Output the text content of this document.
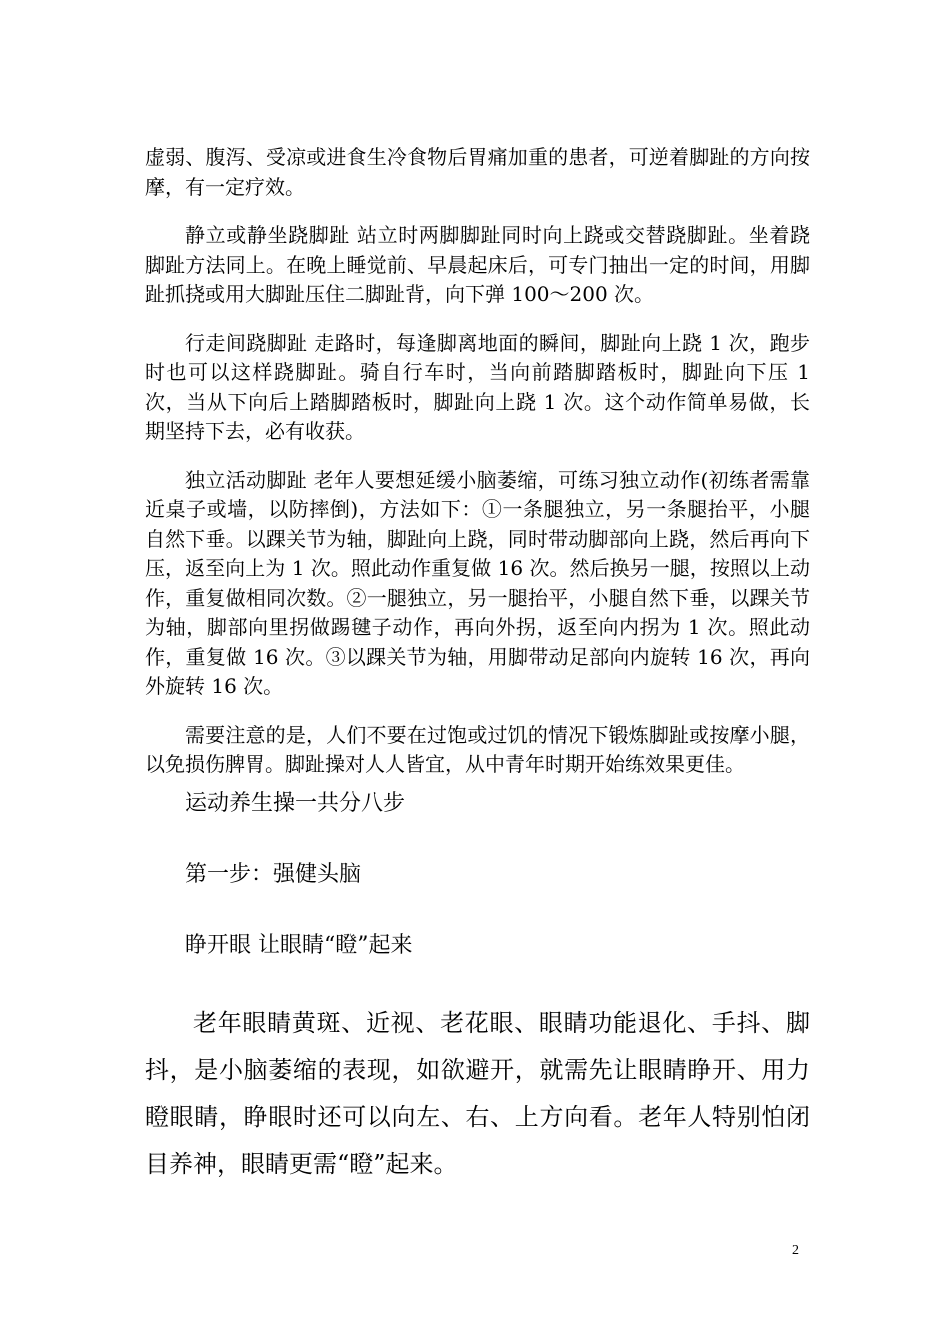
虚弱、腹泻、受凉或进食生冷食物后胃痛加重的患者，可逆着脚趾的方向按摩，有一定疗效。

静立或静坐跷脚趾 站立时两脚脚趾同时向上跷或交替跷脚趾。坐着跷脚趾方法同上。在晚上睡觉前、早晨起床后，可专门抽出一定的时间，用脚趾抓挠或用大脚趾压住二脚趾背，向下弹 100～200 次。

行走间跷脚趾 走路时，每逢脚离地面的瞬间，脚趾向上跷 1 次，跑步时也可以这样跷脚趾。骑自行车时，当向前踏脚踏板时，脚趾向下压 1 次，当从下向后上踏脚踏板时，脚趾向上跷 1 次。这个动作简单易做，长期坚持下去，必有收获。

独立活动脚趾 老年人要想延缓小脑萎缩，可练习独立动作(初练者需靠近桌子或墙，以防摔倒)，方法如下：①一条腿独立，另一条腿抬平，小腿自然下垂。以踝关节为轴，脚趾向上跷，同时带动脚部向上跷，然后再向下压，返至向上为 1 次。照此动作重复做 16 次。然后换另一腿，按照以上动作，重复做相同次数。②一腿独立，另一腿抬平，小腿自然下垂，以踝关节为轴，脚部向里拐做踢毽子动作，再向外拐，返至向内拐为 1 次。照此动作，重复做 16 次。③以踝关节为轴，用脚带动足部向内旋转 16 次，再向外旋转 16 次。

需要注意的是，人们不要在过饱或过饥的情况下锻炼脚趾或按摩小腿，以免损伤脾胃。脚趾操对人人皆宜，从中青年时期开始练效果更佳。

运动养生操一共分八步

第一步：强健头脑

睁开眼 让眼睛“瞪”起来

老年眼睛黄斑、近视、老花眼、眼睛功能退化、手抖、脚抖，是小脑萎缩的表现，如欲避开，就需先让眼睛睁开、用力瞪眼睛，睁眼时还可以向左、右、上方向看。老年人特别怕闭目养神，眼睛更需“瞪”起来。

2
